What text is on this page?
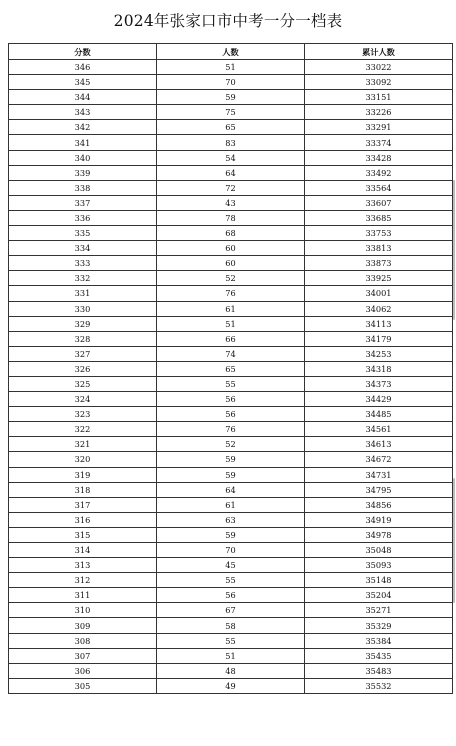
2024年张家口市中考一分一档表
分数	人数	累计人数
346	51	33022
345	70	33092
344	59	33151
343	75	33226
342	65	33291
341	83	33374
340	54	33428
339	64	33492
338	72	33564
337	43	33607
336	78	33685
335	68	33753
334	60	33813
333	60	33873
332	52	33925
331	76	34001
330	61	34062
329	51	34113
328	66	34179
327	74	34253
326	65	34318
325	55	34373
324	56	34429
323	56	34485
322	76	34561
321	52	34613
320	59	34672
319	59	34731
318	64	34795
317	61	34856
316	63	34919
315	59	34978
314	70	35048
313	45	35093
312	55	35148
311	56	35204
310	67	35271
309	58	35329
308	55	35384
307	51	35435
306	48	35483
305	49	35532
